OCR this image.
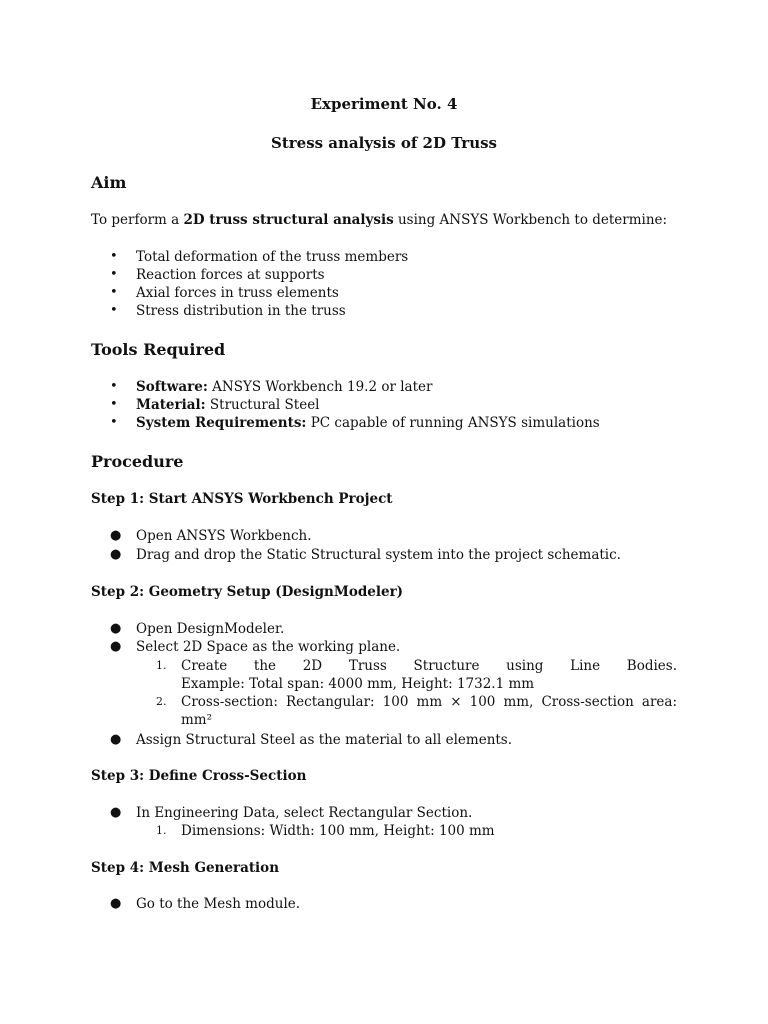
Experiment No. 4
Stress analysis of 2D Truss
Aim
To perform a 2D truss structural analysis using ANSYS Workbench to determine:
• Total deformation of the truss members
• Reaction forces at supports
• Axial forces in truss elements
• Stress distribution in the truss
Tools Required
• Software: ANSYS Workbench 19.2 or later
• Material: Structural Steel
• System Requirements: PC capable of running ANSYS simulations
Procedure
Step 1: Start ANSYS Workbench Project
● Open ANSYS Workbench.
● Drag and drop the Static Structural system into the project schematic.
Step 2: Geometry Setup (DesignModeler)
● Open DesignModeler.
● Select 2D Space as the working plane.
1.	Create the 2D Truss Structure using Line Bodies.
Example: Total span: 4000 mm, Height: 1732.1 mm
2.	Cross-section: Rectangular: 100 mm × 100 mm, Cross-section area:
mm²
● Assign Structural Steel as the material to all elements.
Step 3: Define Cross-Section
● In Engineering Data, select Rectangular Section.
1.	Dimensions: Width: 100 mm, Height: 100 mm
Step 4: Mesh Generation
● Go to the Mesh module.
